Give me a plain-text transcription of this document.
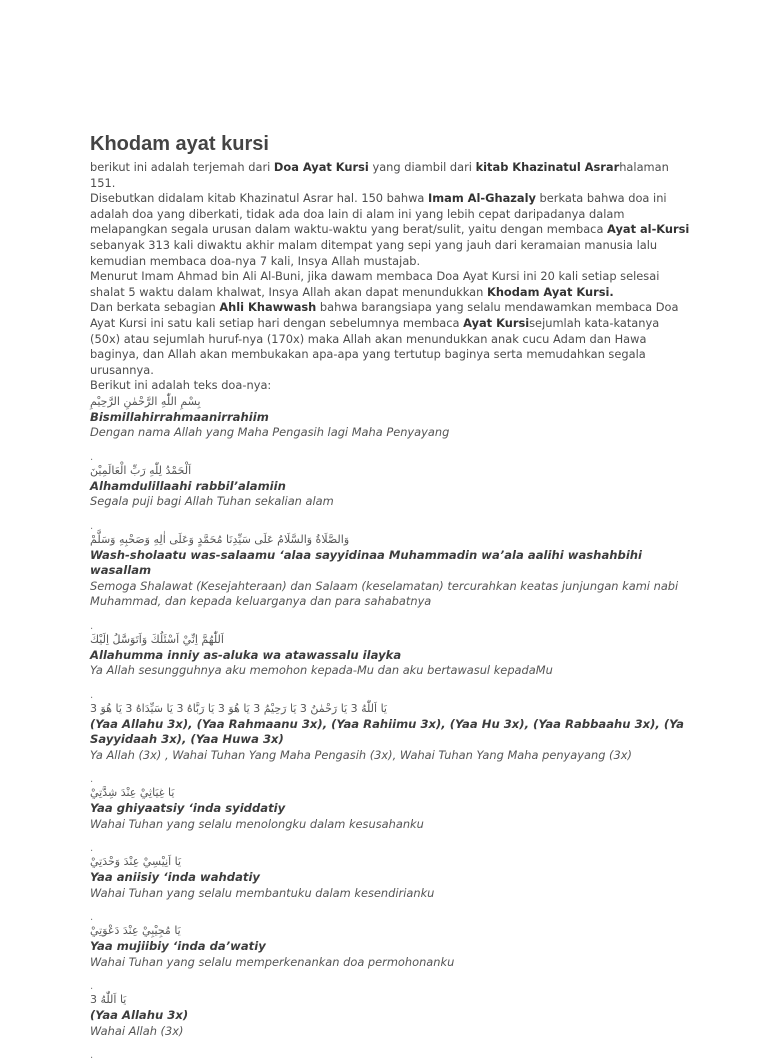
Khodam ayat kursi

berikut ini adalah terjemah dari Doa Ayat Kursi yang diambil dari kitab Khazinatul Asrarhalaman 151.

Disebutkan didalam kitab Khazinatul Asrar hal. 150 bahwa Imam Al-Ghazaly berkata bahwa doa ini adalah doa yang diberkati, tidak ada doa lain di alam ini yang lebih cepat daripadanya dalam melapangkan segala urusan dalam waktu-waktu yang berat/sulit, yaitu dengan membaca Ayat al-Kursi sebanyak 313 kali diwaktu akhir malam ditempat yang sepi yang jauh dari keramaian manusia lalu kemudian membaca doa-nya 7 kali, Insya Allah mustajab.

Menurut Imam Ahmad bin Ali Al-Buni, jika dawam membaca Doa Ayat Kursi ini 20 kali setiap selesai shalat 5 waktu dalam khalwat, Insya Allah akan dapat menundukkan Khodam Ayat Kursi.

Dan berkata sebagian Ahli Khawwash bahwa barangsiapa yang selalu mendawamkan membaca Doa Ayat Kursi ini satu kali setiap hari dengan sebelumnya membaca Ayat Kursisejumlah kata-katanya (50x) atau sejumlah huruf-nya (170x) maka Allah akan menundukkan anak cucu Adam dan Hawa baginya, dan Allah akan membukakan apa-apa yang tertutup baginya serta memudahkan segala urusannya.

Berikut ini adalah teks doa-nya:

بِسْمِ اللّٰهِ الرَّحْمٰنِ الرَّحِيْمِ

Bismillahirrahmaanirrahiim

Dengan nama Allah yang Maha Pengasih lagi Maha Penyayang

.

اَلْحَمْدُ لِلّٰهِ رَبِّ الْعَالَمِيْنَ

Alhamdulillaahi rabbil’alamiin

Segala puji bagi Allah Tuhan sekalian alam

.

وَالصَّلَاةُ وَالسَّلَامُ عَلَى سَيِّدِنَا مُحَمَّدٍ وَعَلَى اٰلِهِ وَصَحْبِهِ وَسَلَّمْ

Wash-sholaatu was-salaamu ‘alaa sayyidinaa Muhammadin wa’ala aalihi washahbihi wasallam

Semoga Shalawat (Kesejahteraan) dan Salaam (keselamatan) tercurahkan keatas junjungan kami nabi Muhammad, dan kepada keluarganya dan para sahabatnya

.

اَللّٰهُمَّ اِنِّيْ اَسْئَلُكَ وَاَتَوَسَّلُ اِلَيْكَ

Allahumma inniy as-aluka wa atawassalu ilayka

Ya Allah sesungguhnya aku memohon kepada-Mu dan aku bertawasul kepadaMu

.

يَا اَللّٰهُ 3 يَا رَحْمٰنُ 3 يَا رَحِيْمُ 3 يَا هُوَ 3 يَا رَبَّاهُ 3 يَا سَيِّدَاهُ 3 يَا هُوَ 3

(Yaa Allahu 3x), (Yaa Rahmaanu 3x), (Yaa Rahiimu 3x), (Yaa Hu 3x), (Yaa Rabbaahu 3x), (Ya Sayyidaah 3x), (Yaa Huwa 3x)

Ya Allah (3x) , Wahai Tuhan Yang Maha Pengasih (3x), Wahai Tuhan Yang Maha penyayang (3x)

.

يَا غِيَاثِيْ عِنْدَ شِدَّتِيْ

Yaa ghiyaatsiy ‘inda syiddatiy

Wahai Tuhan yang selalu menolongku dalam kesusahanku

.

يَا اَنِيْسِيْ عِنْدَ وَحْدَتِيْ

Yaa aniisiy ‘inda wahdatiy

Wahai Tuhan yang selalu membantuku dalam kesendirianku

.

يَا مُجِيْبِيْ عِنْدَ دَعْوَتِيْ

Yaa mujiibiy ‘inda da’watiy

Wahai Tuhan yang selalu memperkenankan doa permohonanku

.

يَا اَللّٰهُ 3

(Yaa Allahu 3x)

Wahai Allah (3x)

.
